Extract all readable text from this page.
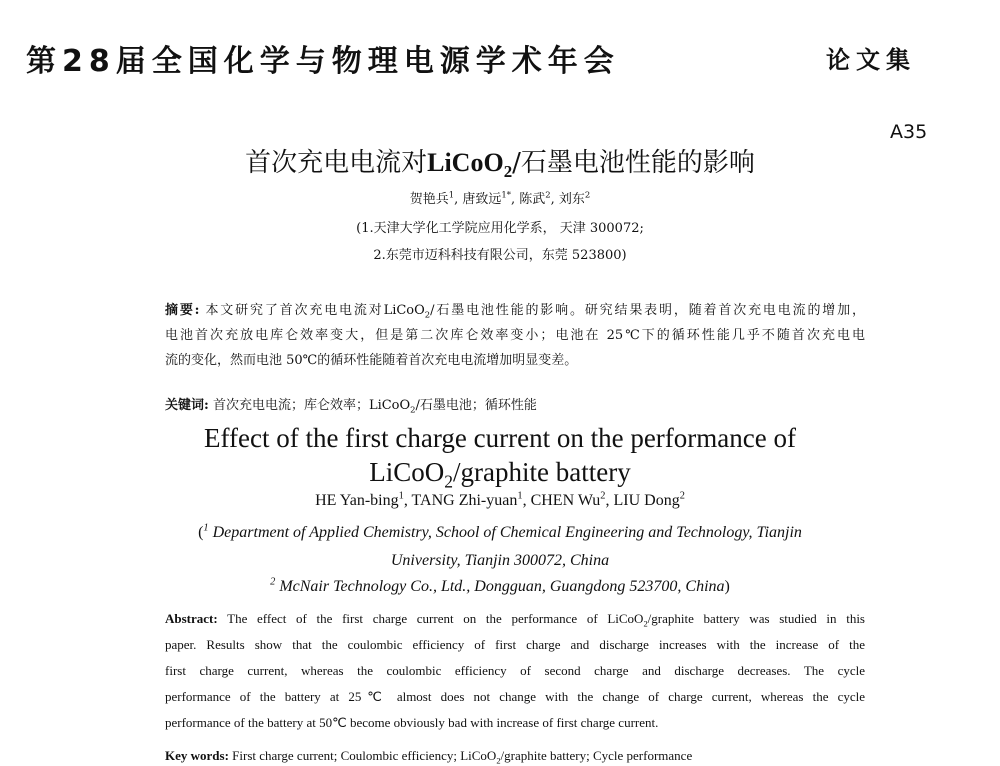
第28届全国化学与物理电源学术年会	论文集
A35
首次充电电流对LiCoO$_2$/石墨电池性能的影响
贺艳兵$^1$, 唐致远$^{1*}$, 陈武$^2$, 刘东$^2$
(1.天津大学化工学院应用化学系， 天津 300072;
2.东莞市迈科科技有限公司，东莞 523800)
摘要: 本文研究了首次充电电流对LiCoO$_2$/石墨电池性能的影响。研究结果表明，随着首次充电电流的增加，
电池首次充放电库仑效率变大，但是第二次库仑效率变小；电池在 25℃下的循环性能几乎不随首次充电电
流的变化，然而电池 50℃的循环性能随着首次充电电流增加明显变差。
关键词: 首次充电电流；库仑效率；LiCoO$_2$/石墨电池；循环性能
Effect of the first charge current on the performance of
LiCoO$_2$/graphite battery
HE Yan-bing$^1$, TANG Zhi-yuan$^1$, CHEN Wu$^2$, LIU Dong$^2$
($^1$ Department of Applied Chemistry, School of Chemical Engineering and Technology, Tianjin
University, Tianjin 300072, China
$^2$ McNair Technology Co., Ltd., Dongguan, Guangdong 523700, China)
Abstract: The effect of the first charge current on the performance of LiCoO$_2$/graphite battery was studied in this
paper. Results show that the coulombic efficiency of first charge and discharge increases with the increase of the
first charge current, whereas the coulombic efficiency of second charge and discharge decreases. The cycle
performance of the battery at 25℃ almost does not change with the change of charge current, whereas the cycle
performance of the battery at 50℃ become obviously bad with increase of first charge current.
Key words: First charge current; Coulombic efficiency; LiCoO$_2$/graphite battery; Cycle performance
